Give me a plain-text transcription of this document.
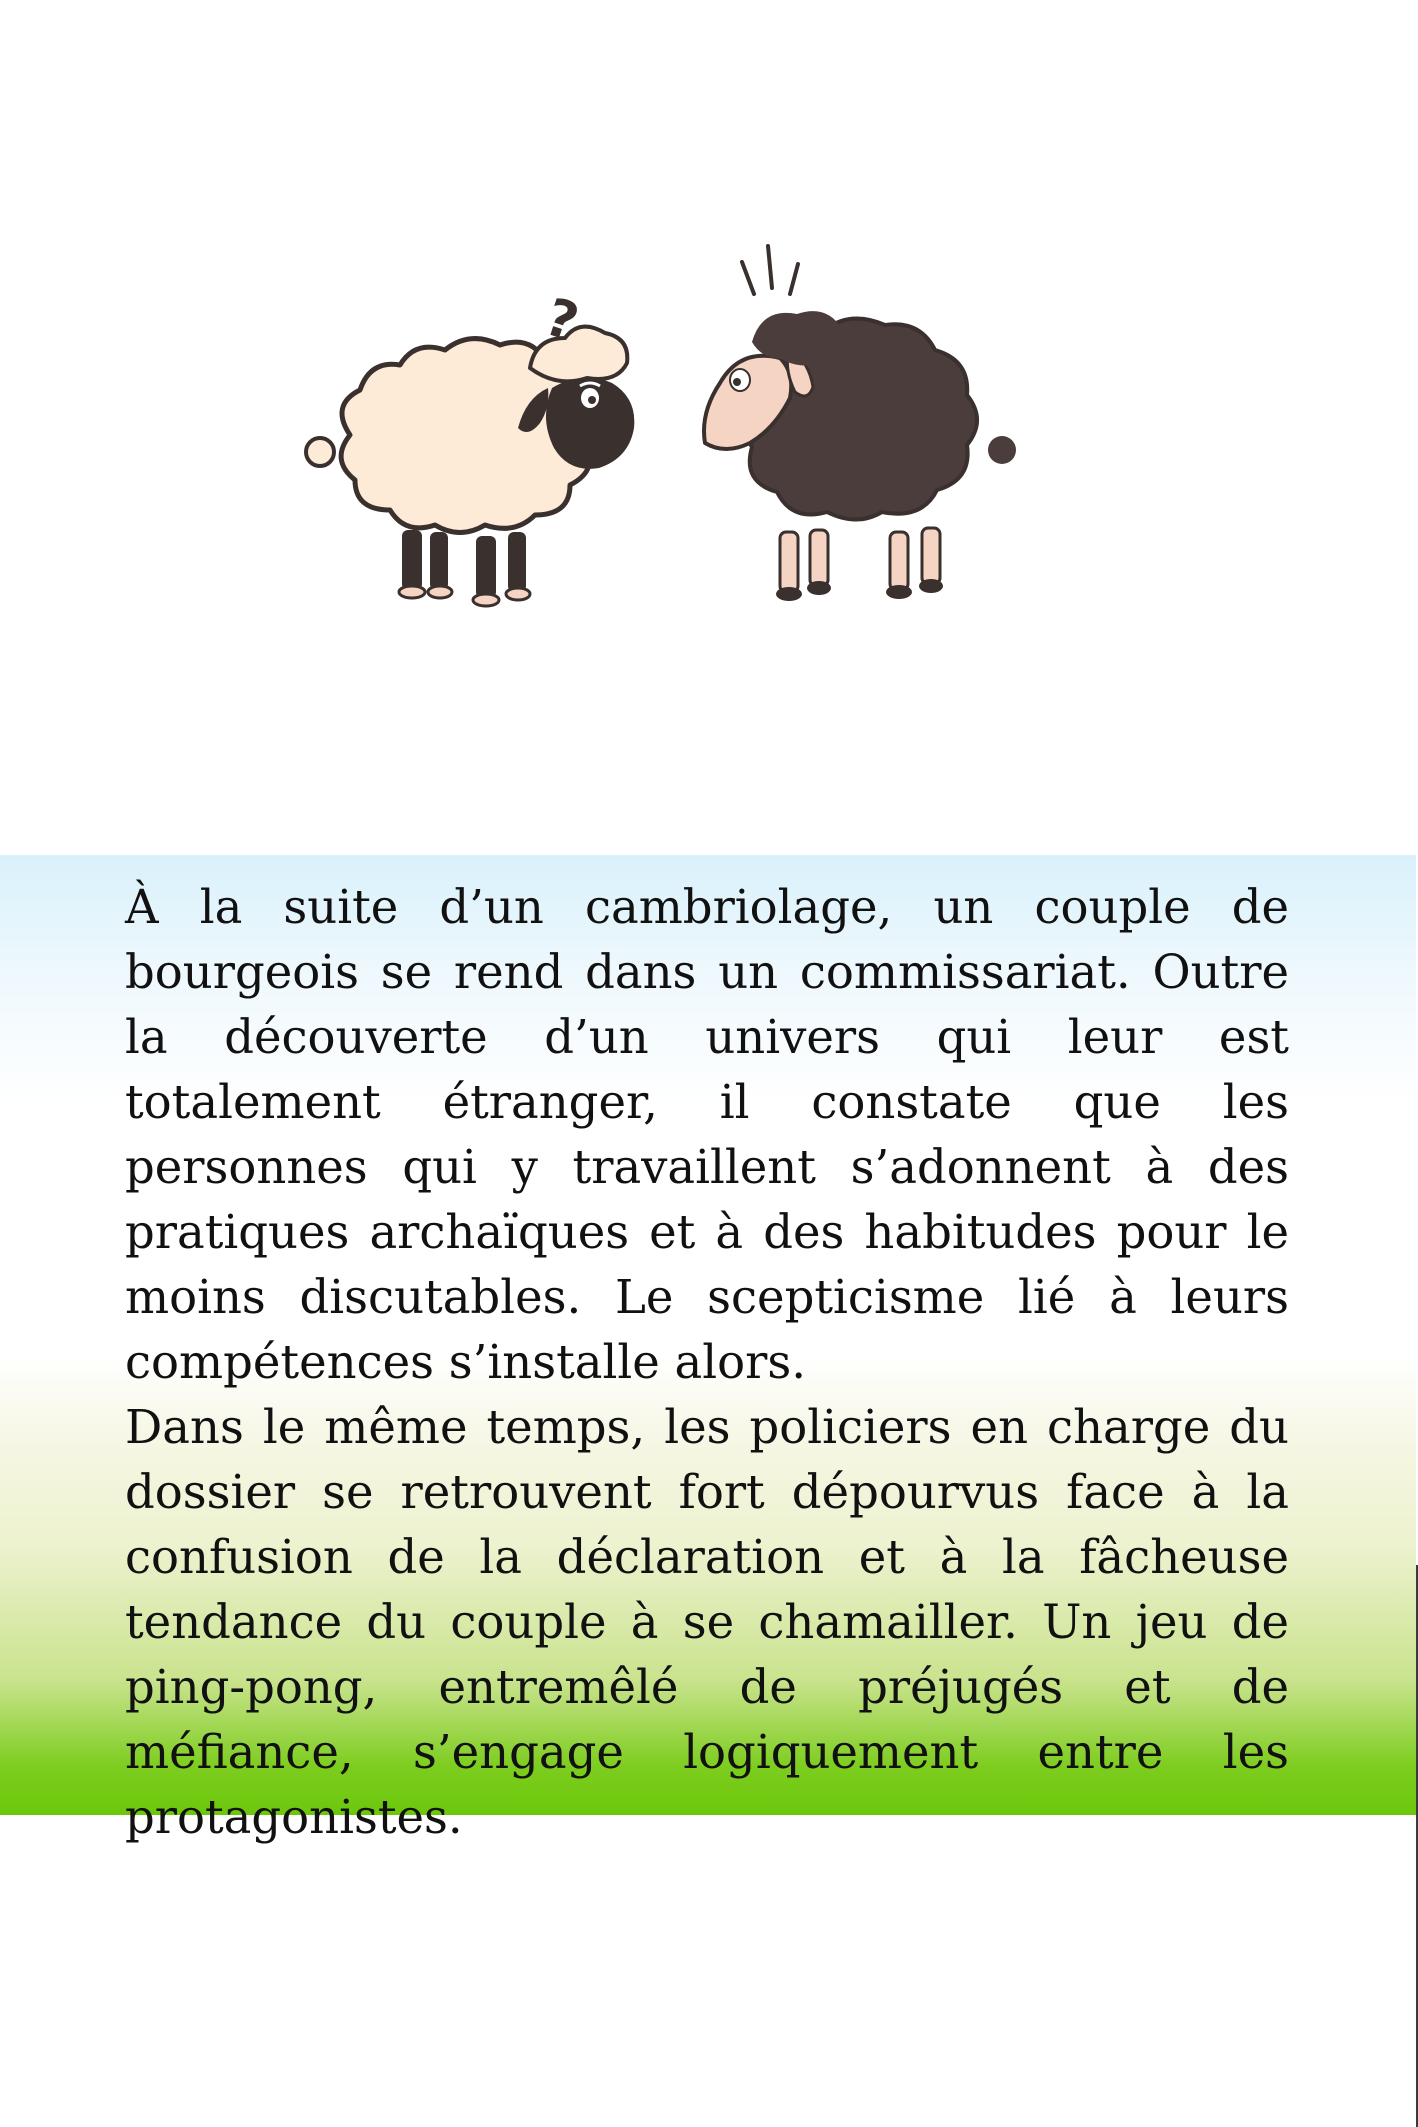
?

À la suite d’un cambriolage, un couple de bourgeois se rend dans un commissariat. Outre la découverte d’un univers qui leur est totalement étranger, il constate que les personnes qui y travaillent s’adonnent à des pratiques archaïques et à des habitudes pour le moins discutables. Le scepticisme lié à leurs compétences s’installe alors.

Dans le même temps, les policiers en charge du dossier se retrouvent fort dépourvus face à la confusion de la déclaration et à la fâcheuse tendance du couple à se chamailler. Un jeu de ping-pong, entremêlé de préjugés et de méfiance, s’engage logiquement entre les protagonistes.
